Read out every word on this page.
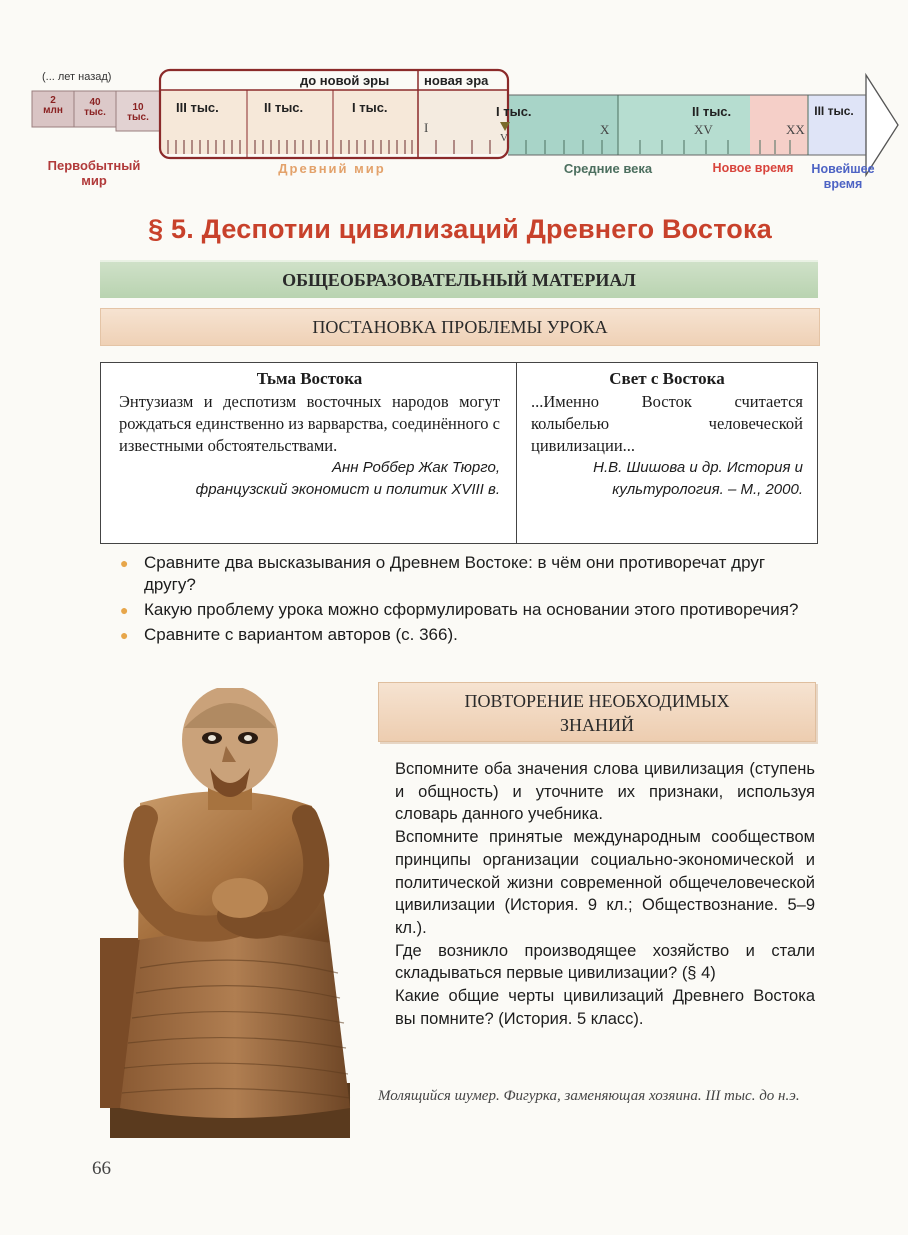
(... лет назад)
2
млн
40
тыс.	10
тыс.
до новой эры	новая эра
III тыс.	II тыс.	I тыс.	I тыс.	II тыс.	III тыс.
I
V
X	XV	XX
Первобытный мир
Древний мир	Средние века	Новое время	Новейшее время
§ 5. Деспотии цивилизаций Древнего Востока
ОБЩЕОБРАЗОВАТЕЛЬНЫЙ МАТЕРИАЛ
ПОСТАНОВКА ПРОБЛЕМЫ УРОКА
Тьма Востока
Энтузиазм и деспотизм восточных народов могут рождаться единственно из варварства, соединённого с известными обстоятельствами.
Анн Роббер Жак Тюрго,
французский экономист и политик XVIII в.
Свет с Востока
...Именно Восток считается колыбелью человеческой цивилизации...
Н.В. Шишова и др. История и
культурология. – М., 2000.
● Сравните два высказывания о Древнем Востоке: в чём они противоречат друг другу?
● Какую проблему урока можно сформулировать на основании этого противоречия?
● Сравните с вариантом авторов (с. 366).
ПОВТОРЕНИЕ НЕОБХОДИМЫХ
ЗНАНИЙ

Вспомните оба значения слова цивилизация (ступень и общность) и уточните их признаки, используя словарь данного учебника.

Вспомните принятые международным сообществом принципы организации социально-экономической и политической жизни современной общечеловеческой цивилизации (История. 9 кл.; Обществознание. 5–9 кл.).

Где возникло производящее хозяйство и стали складываться первые цивилизации? (§ 4)

Какие общие черты цивилизаций Древнего Востока вы помните? (История. 5 класс).

Молящийся шумер. Фигурка, заменяющая хозяина. III тыс. до н.э.
66
